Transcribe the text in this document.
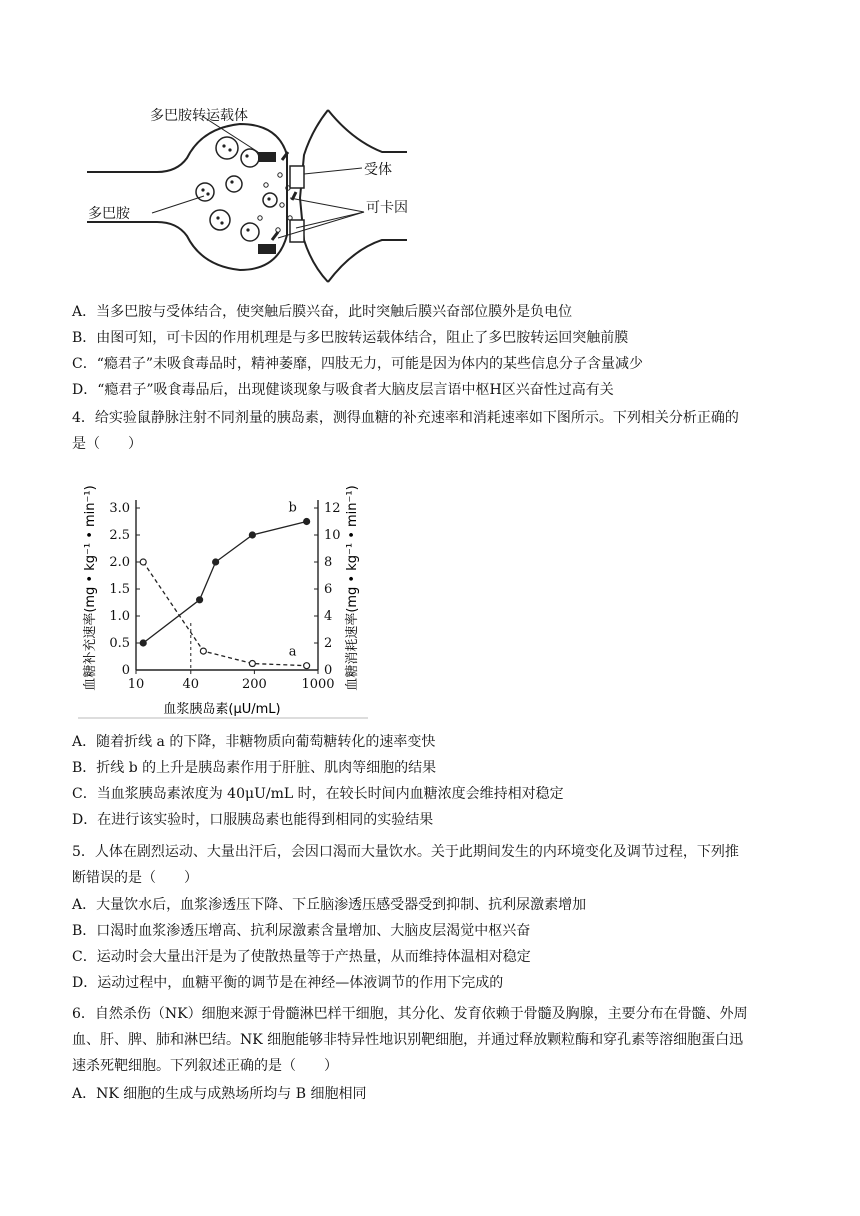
多巴胺转运载体
受体
多巴胺	可卡因
A．当多巴胺与受体结合，使突触后膜兴奋，此时突触后膜兴奋部位膜外是负电位
B．由图可知，可卡因的作用机理是与多巴胺转运载体结合，阻止了多巴胺转运回突触前膜
C．“瘾君子”未吸食毒品时，精神萎靡，四肢无力，可能是因为体内的某些信息分子含量减少
D．“瘾君子”吸食毒品后，出现健谈现象与吸食者大脑皮层言语中枢H区兴奋性过高有关
4．给实验鼠静脉注射不同剂量的胰岛素，测得血糖的补充速率和消耗速率如下图所示。下列相关分析正确的
是（　　）
0
0.5
1.0
1.5
2.0
2.5
3.0
0
2
4
6
8
10
12
10	40	200	1000
a
b
血糖补充速率(mg • kg⁻¹ • min⁻¹)	血糖消耗速率(mg • kg⁻¹ • min⁻¹)
血浆胰岛素(μU/mL)
A．随着折线 a 的下降，非糖物质向葡萄糖转化的速率变快
B．折线 b 的上升是胰岛素作用于肝脏、肌肉等细胞的结果
C．当血浆胰岛素浓度为 40μU/mL 时，在较长时间内血糖浓度会维持相对稳定
D．在进行该实验时，口服胰岛素也能得到相同的实验结果
5．人体在剧烈运动、大量出汗后，会因口渴而大量饮水。关于此期间发生的内环境变化及调节过程，下列推
断错误的是（　　）
A．大量饮水后，血浆渗透压下降、下丘脑渗透压感受器受到抑制、抗利尿激素增加
B．口渴时血浆渗透压增高、抗利尿激素含量增加、大脑皮层渴觉中枢兴奋
C．运动时会大量出汗是为了使散热量等于产热量，从而维持体温相对稳定
D．运动过程中，血糖平衡的调节是在神经—体液调节的作用下完成的
6．自然杀伤（NK）细胞来源于骨髓淋巴样干细胞，其分化、发育依赖于骨髓及胸腺，主要分布在骨髓、外周
血、肝、脾、肺和淋巴结。NK 细胞能够非特异性地识别靶细胞，并通过释放颗粒酶和穿孔素等溶细胞蛋白迅
速杀死靶细胞。下列叙述正确的是（　　）
A．NK 细胞的生成与成熟场所均与 B 细胞相同
